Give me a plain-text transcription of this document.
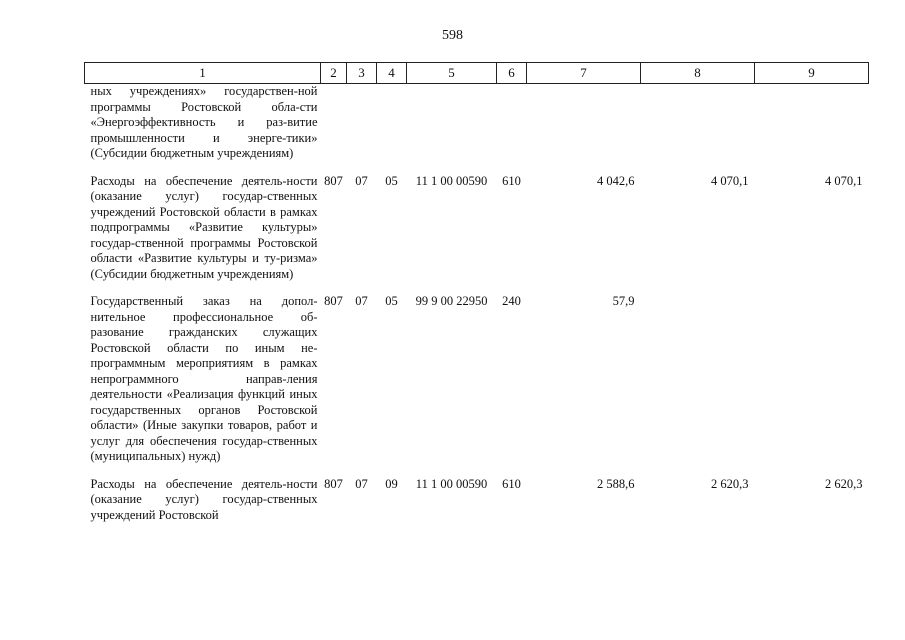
598
1	2	3	4	5	6	7	8	9
ных учреждениях» государствен-ной программы Ростовской обла-сти «Энергоэффективность и раз-витие промышленности и энерге-тики» (Субсидии бюджетным учреждениям)								
Расходы на обеспечение деятель-ности (оказание услуг) государ-ственных учреждений Ростовской области в рамках подпрограммы «Развитие культуры» государ-ственной программы Ростовской области «Развитие культуры и ту-ризма» (Субсидии бюджетным учреждениям)	807	07	05	11 1 00 00590	610	4 042,6	4 070,1	4 070,1
Государственный заказ на допол-нительное профессиональное об-разование гражданских служащих Ростовской области по иным не-программным мероприятиям в рамках непрограммного направ-ления деятельности «Реализация функций иных государственных органов Ростовской области» (Иные закупки товаров, работ и услуг для обеспечения государ-ственных (муниципальных) нужд)	807	07	05	99 9 00 22950	240	57,9		
Расходы на обеспечение деятель-ности (оказание услуг) государ-ственных учреждений Ростовской	807	07	09	11 1 00 00590	610	2 588,6	2 620,3	2 620,3
